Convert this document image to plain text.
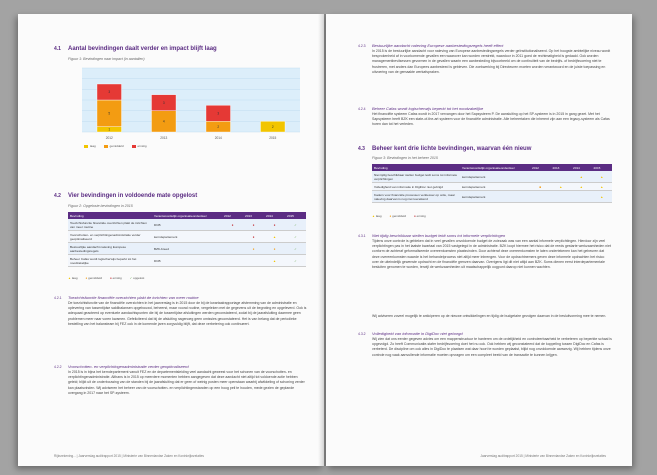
4.1 Aantal bevindingen daalt verder en impact blijft laag
Figuur 1: Bevindingen naar impact (in aantallen)
1
5
3
2012
4
3
2013
2
3
2014
2
2015
laag	gemiddeld	ernstig
4.2 Vier bevindingen in voldoende mate opgelost
Figuur 2: Opgeloste bevindingen in 2015
Bevinding	Verantwoordelijk organisatieonderdeel	2012	2013	2014	2015
Toezichtsfunctie financiële overzichten plakt de inrichten van meer routine	DCB	●	●	●	✓
Voorschotten- en verplichtingenadministratie verder geoptimaliseerd	kerndepartement		●	▲	✓
Bestuurlijke aandacht naleving Europese aanbestedingsregels	BZK-breed		●	●	✓
Beheer Cafas wordt logischerwijs beperkt tot het noodzakelijke	DCB			▲	✓
▲ laag	● gemiddeld	● ernstig	✓ opgelost
4.2.1 Toezichtsfunctie financiële overzichten plakt de inrichten van meer routine
De toezichtsfunctie van de financiële overzichten in het jaarverslag is in 2015 door de bij de kwartaalrapportage afstemming van de administratie en oplevering van tussentijdse saldibalansen opgebouwd, beheerst, maar vooral routine, vergeleken met de gegevens uit de begroting en opgeleverd. Ook is adequaat geacteerd op eventuele aandachtspunten die bij de tussentijdse afsluitingen werden geconstateerd, zodat bij de jaarafsluiting daarmee geen problemen meer naar voren kwamen. Gefeliciteerd dat bij de afsluiting nagenoeg geen omissies geconstateerd. Het is van belang dat de periodieke bestelling van het balansteam bij FEZ ook in de komende jaren zorgvuldig blijft, dat deze verbetering ook continueert.
4.2.2 Voorschotten- en verplichtingenadministratie verder geoptimaliseerd
In 2015 is in bijna het kerndepartement vanuit FEZ en de departementsleiding veel aandacht geweest voor het schonen van de voorschotten- en verplichtingenadministratie. Althans is in 2015 op meerdere momenten hebben aangegeven dat deze aandacht niet altijd tot voldoende actie hebben geleid; blijkt uit de onderbouwing van de standen bij de jaarafsluiting dat er geen of weinig posten meer openstaan waarbij afwikkeling of schoning verder kan plaatsvinden. Wij adviseren het beheer van de voorschotten- en verplichtingenstanden op een hoog peil te houden, mede gezien de geplande overgang in 2017 naar het SP-systeem.
Rijksrekening... | Jaarverslag auditrapport 2015 | Ministerie van Binnenlandse Zaken en Koninkrijksrelaties
4.2.3 Bestuurlijke aandacht naleving Europese aanbestedingsregels heeft effect
In 2015 is de bestuurlijke aandacht voor naleving van Europese aanbestedingsregels verder geïnstitutionaliseerd. Op het hoogste ambtelijke niveau wordt besprokenheid af in voorkomende gevallen een waarover kan worden verstrekt, waardoor in 2011 goed de rechtmatigheid is gedaald. Ook worden managementbevilsessen gevormen in de gevallen waarin een aanbesteding bijvoorbeeld om de continuïteit van de bedrijfs- of bedrijfsvoering niet te frustreren, met anders dan Europees aanbesteed is gebleven. Die zoekwerking bij Directeuren moeten worden verantwoord en de juiste toepassing en uitvoering van de gemaakte werkafspraken.
4.2.4 Beheer Cafas wordt logischerwijs beperkt tot het noodzakelijke
Het financiële systeem Cafas wordt in 2017 vervangen door het Sapsysteem P. De aansluiting op het SP-systeem is in 2015 in gang gezet. Met het Sapsysteem heeft BZK een state-of-the-art systeem voor de financiële administratie. Alle beheertaken die inherent zijn aan een legacy-systeem als Cafas horen dan tot het verleden.
4.3 Beheer kent drie lichte bevindingen, waarvan één nieuw
Figuur 3: Bevindingen in het beheer 2015
Bevinding	Verantwoordelijk organisatieonderdeel	2012	2013	2014	2015
Niet tijdig beschikbaar stellen budget leidt soms tot informele verplichtingen	kerndepartement			▲	▲
Volledigheid van informatie in DigiDoc niet gebrigd	kerndepartement	■	▲	▲	▲
Kaders voor financiële processen verkiesser op orde, maar naleving daarvan is nog niet toereikend	kerndepartement				▲
▲ laag	● gemiddeld	● ernstig
4.3.1 Niet tijdig beschikbaar stellen budget leidt soms tot informele verplichtingen
Tijdens onze controle is gebleken dat in veel gevallen onvoldoende budget de zoiezaak was van een aantal informele verplichtingen. Hierdoor zijn veel verplichtingen pas in het laatste kwartaal van 2015 vastgelegd in de administratie. BZK loopt hiermee het risico dat de reeds gestarte werkzaamheden niet conform de achteraf geformaliseerde overeenkomsten plaatsvinden. Door achteraf deze overeenkomsten te laten ondertekenen kan het gebeuren dat deze overeenkomsten waarde is het behandelprocess niet altijd meer inbrengen. Voor de opdrachtnemers geven deze informele opdrachten het risico over de uiteindelijk gewenste opdracht en de financiële grenzen daarvan. Overigens ligt dit niet altijd aan BZK. Soms dienen eerst interdepartementale besluiten genomen te worden, terwijl de werkzaamheden uit maatschappelijk oogpunt daarop niet kunnen wachten.
Wij adviseren zoveel mogelijk te anticiperen op de nieuwe ontwikkelingen en tijdig de budgetaire gevolgen daarvan in de besluitvorming mee te nemen.
4.3.2 Volledigheid van informatie in DigiDoc niet geborgd
Wij zien dat ons eerder gegeven advies om een mappenstructuur te hanteren om de ordelijkheid en controleerbaarheid te verbeteren op beperkte schaal is opgevolgd. Zo heeft Communicatie-stafer bedrijfsvoering doet het nu ook. Ook hebben wij geconstateerd dat de koppeling tussen DigiDoc en Cafas is verbeterd. De discipline om ook alles in DigiDoc te plaatsen wat daar hoort te worden geplaatst, blijkt nog onvoldoende aanwezig. Wij hebben tijdens onze controle nog vaak aanvullende informatie moeten opvragen om een compleet beeld van de transactie te kunnen krijgen.
Jaarverslag auditrapport 2015 | Ministerie van Binnenlandse Zaken en Koninkrijksrelaties
